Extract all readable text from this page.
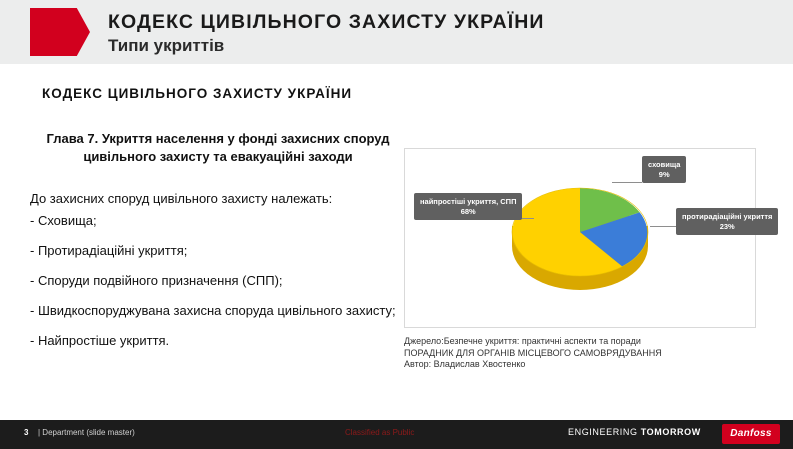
КОДЕКС ЦИВІЛЬНОГО ЗАХИСТУ УКРАЇНИ
Типи укриттів
КОДЕКС ЦИВІЛЬНОГО ЗАХИСТУ УКРАЇНИ
Глава 7. Укриття населення у фонді захисних споруд цивільного захисту та евакуаційні заходи
До захисних споруд цивільного захисту належать:
- Сховища;
- Протирадіаційні укриття;
- Споруди подвійного призначення (СПП);
- Швидкоспоруджувана захисна споруда цивільного захисту;
- Найпростіше укриття.
сховища
9%
протирадіаційні укриття
23%
найпростіші укриття, СПП
68%
Джерело:Безпечне укриття: практичні аспекти та поради
ПОРАДНИК ДЛЯ ОРГАНІВ МІСЦЕВОГО САМОВРЯДУВАННЯ
Автор: Владислав Хвостенко
3 | Department (slide master)	Classified as Public	ENGINEERING TOMORROW	Danfoss
